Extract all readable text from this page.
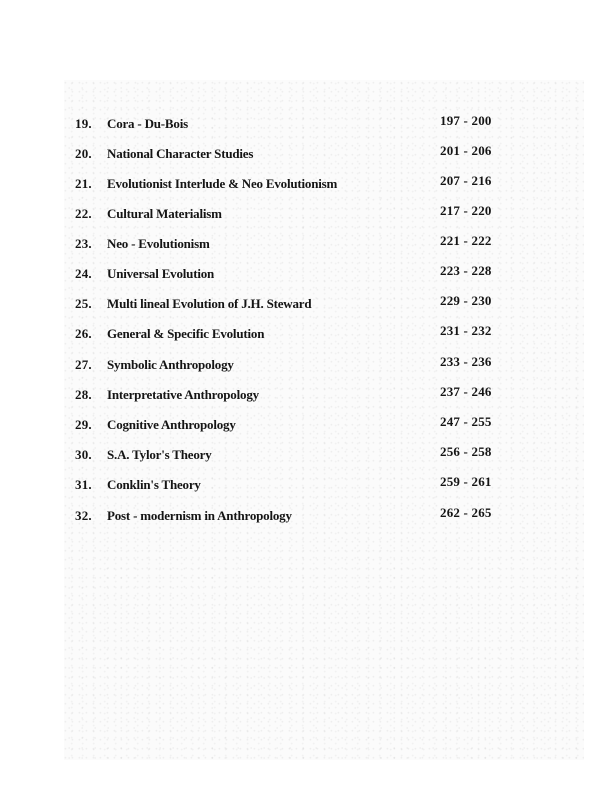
19.	Cora - Du-Bois	197 - 200
20.	National Character Studies	201 - 206
21.	Evolutionist Interlude & Neo Evolutionism	207 - 216
22.	Cultural Materialism	217 - 220
23.	Neo - Evolutionism	221 - 222
24.	Universal Evolution	223 - 228
25.	Multi lineal Evolution of J.H. Steward	229 - 230
26.	General & Specific Evolution	231 - 232
27.	Symbolic Anthropology	233 - 236
28.	Interpretative Anthropology	237 - 246
29.	Cognitive Anthropology	247 - 255
30.	S.A. Tylor's Theory	256 - 258
31.	Conklin's Theory	259 - 261
32.	Post - modernism in Anthropology	262 - 265
